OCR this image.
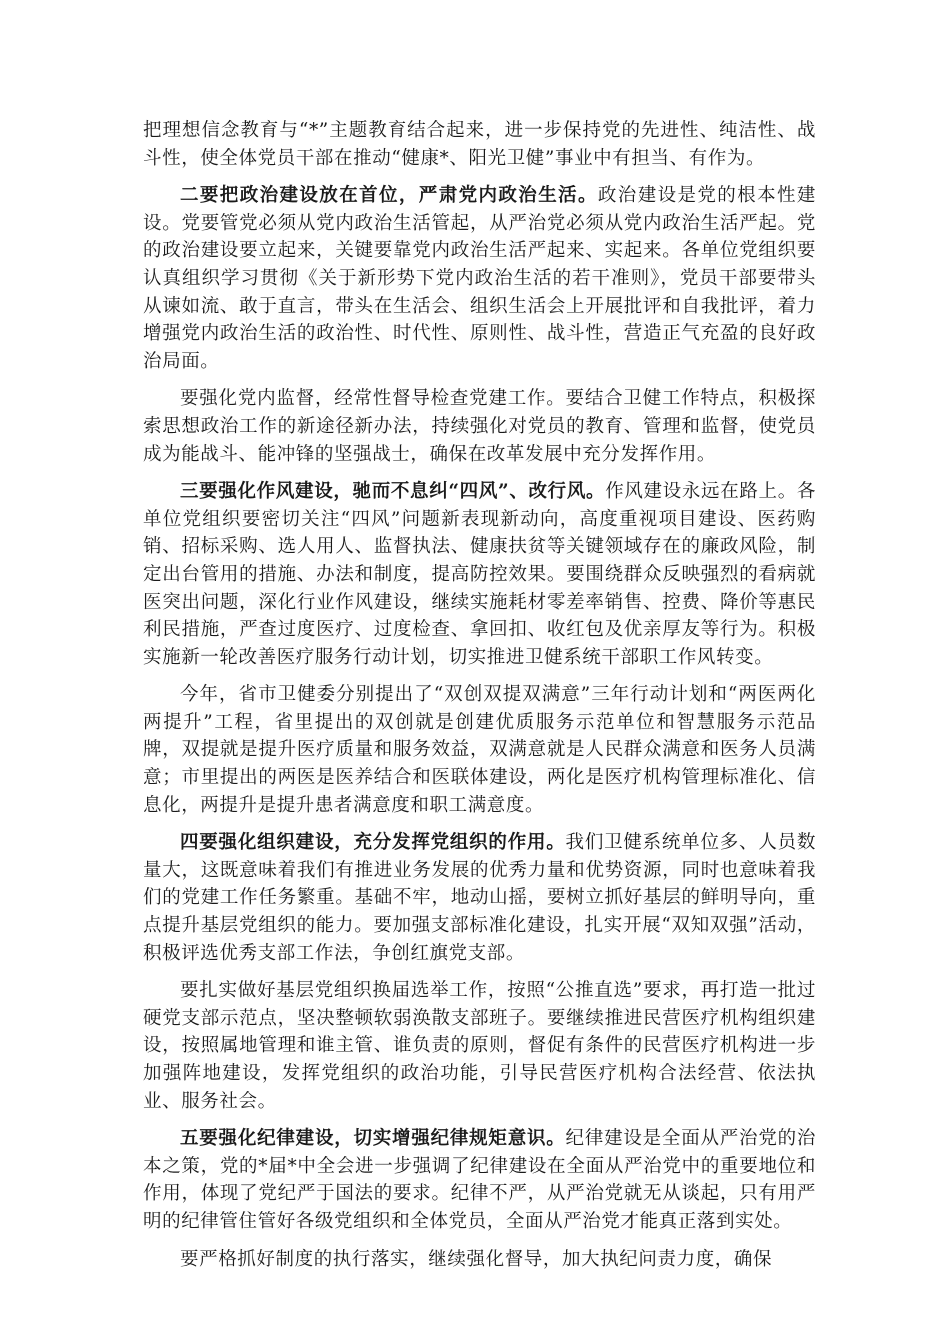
把理想信念教育与“*”主题教育结合起来，进一步保持党的先进性、纯洁性、战斗性，使全体党员干部在推动“健康*、阳光卫健”事业中有担当、有作为。

二要把政治建设放在首位，严肃党内政治生活。政治建设是党的根本性建设。党要管党必须从党内政治生活管起，从严治党必须从党内政治生活严起。党的政治建设要立起来，关键要靠党内政治生活严起来、实起来。各单位党组织要认真组织学习贯彻《关于新形势下党内政治生活的若干准则》，党员干部要带头从谏如流、敢于直言，带头在生活会、组织生活会上开展批评和自我批评，着力增强党内政治生活的政治性、时代性、原则性、战斗性，营造正气充盈的良好政治局面。

要强化党内监督，经常性督导检查党建工作。要结合卫健工作特点，积极探索思想政治工作的新途径新办法，持续强化对党员的教育、管理和监督，使党员成为能战斗、能冲锋的坚强战士，确保在改革发展中充分发挥作用。

三要强化作风建设，驰而不息纠“四风”、改行风。作风建设永远在路上。各单位党组织要密切关注“四风”问题新表现新动向，高度重视项目建设、医药购销、招标采购、选人用人、监督执法、健康扶贫等关键领域存在的廉政风险，制定出台管用的措施、办法和制度，提高防控效果。要围绕群众反映强烈的看病就医突出问题，深化行业作风建设，继续实施耗材零差率销售、控费、降价等惠民利民措施，严查过度医疗、过度检查、拿回扣、收红包及优亲厚友等行为。积极实施新一轮改善医疗服务行动计划，切实推进卫健系统干部职工作风转变。

今年，省市卫健委分别提出了“双创双提双满意”三年行动计划和“两医两化两提升”工程，省里提出的双创就是创建优质服务示范单位和智慧服务示范品牌，双提就是提升医疗质量和服务效益，双满意就是人民群众满意和医务人员满意；市里提出的两医是医养结合和医联体建设，两化是医疗机构管理标准化、信息化，两提升是提升患者满意度和职工满意度。

四要强化组织建设，充分发挥党组织的作用。我们卫健系统单位多、人员数量大，这既意味着我们有推进业务发展的优秀力量和优势资源，同时也意味着我们的党建工作任务繁重。基础不牢，地动山摇，要树立抓好基层的鲜明导向，重点提升基层党组织的能力。要加强支部标准化建设，扎实开展“双知双强”活动，积极评选优秀支部工作法，争创红旗党支部。

要扎实做好基层党组织换届选举工作，按照“公推直选”要求，再打造一批过硬党支部示范点，坚决整顿软弱涣散支部班子。要继续推进民营医疗机构组织建设，按照属地管理和谁主管、谁负责的原则，督促有条件的民营医疗机构进一步加强阵地建设，发挥党组织的政治功能，引导民营医疗机构合法经营、依法执业、服务社会。

五要强化纪律建设，切实增强纪律规矩意识。纪律建设是全面从严治党的治本之策，党的*届*中全会进一步强调了纪律建设在全面从严治党中的重要地位和作用，体现了党纪严于国法的要求。纪律不严，从严治党就无从谈起，只有用严明的纪律管住管好各级党组织和全体党员，全面从严治党才能真正落到实处。

要严格抓好制度的执行落实，继续强化督导，加大执纪问责力度，确保
